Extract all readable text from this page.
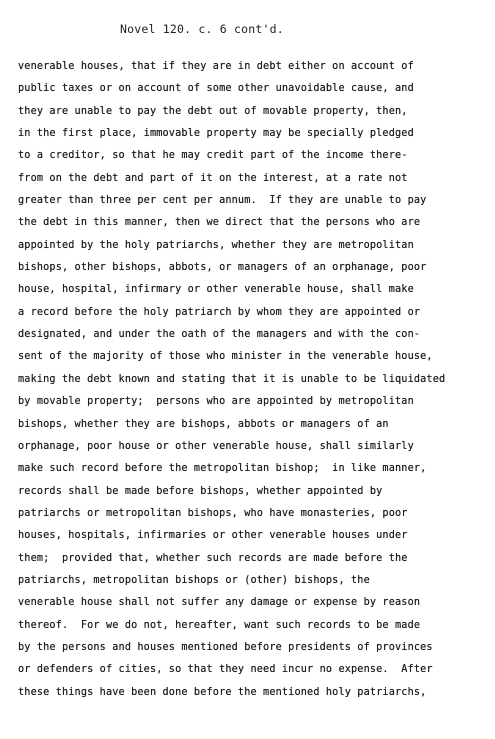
Novel 120. c. 6 cont'd.
venerable houses, that if they are in debt either on account of
public taxes or on account of some other unavoidable cause, and
they are unable to pay the debt out of movable property, then,
in the first place, immovable property may be specially pledged
to a creditor, so that he may credit part of the income there-
from on the debt and part of it on the interest, at a rate not
greater than three per cent per annum.  If they are unable to pay
the debt in this manner, then we direct that the persons who are
appointed by the holy patriarchs, whether they are metropolitan
bishops, other bishops, abbots, or managers of an orphanage, poor
house, hospital, infirmary or other venerable house, shall make
a record before the holy patriarch by whom they are appointed or
designated, and under the oath of the managers and with the con-
sent of the majority of those who minister in the venerable house,
making the debt known and stating that it is unable to be liquidated
by movable property;  persons who are appointed by metropolitan
bishops, whether they are bishops, abbots or managers of an
orphanage, poor house or other venerable house, shall similarly
make such record before the metropolitan bishop;  in like manner,
records shall be made before bishops, whether appointed by
patriarchs or metropolitan bishops, who have monasteries, poor
houses, hospitals, infirmaries or other venerable houses under
them;  provided that, whether such records are made before the
patriarchs, metropolitan bishops or (other) bishops, the
venerable house shall not suffer any damage or expense by reason
thereof.  For we do not, hereafter, want such records to be made
by the persons and houses mentioned before presidents of provinces
or defenders of cities, so that they need incur no expense.  After
these things have been done before the mentioned holy patriarchs,
